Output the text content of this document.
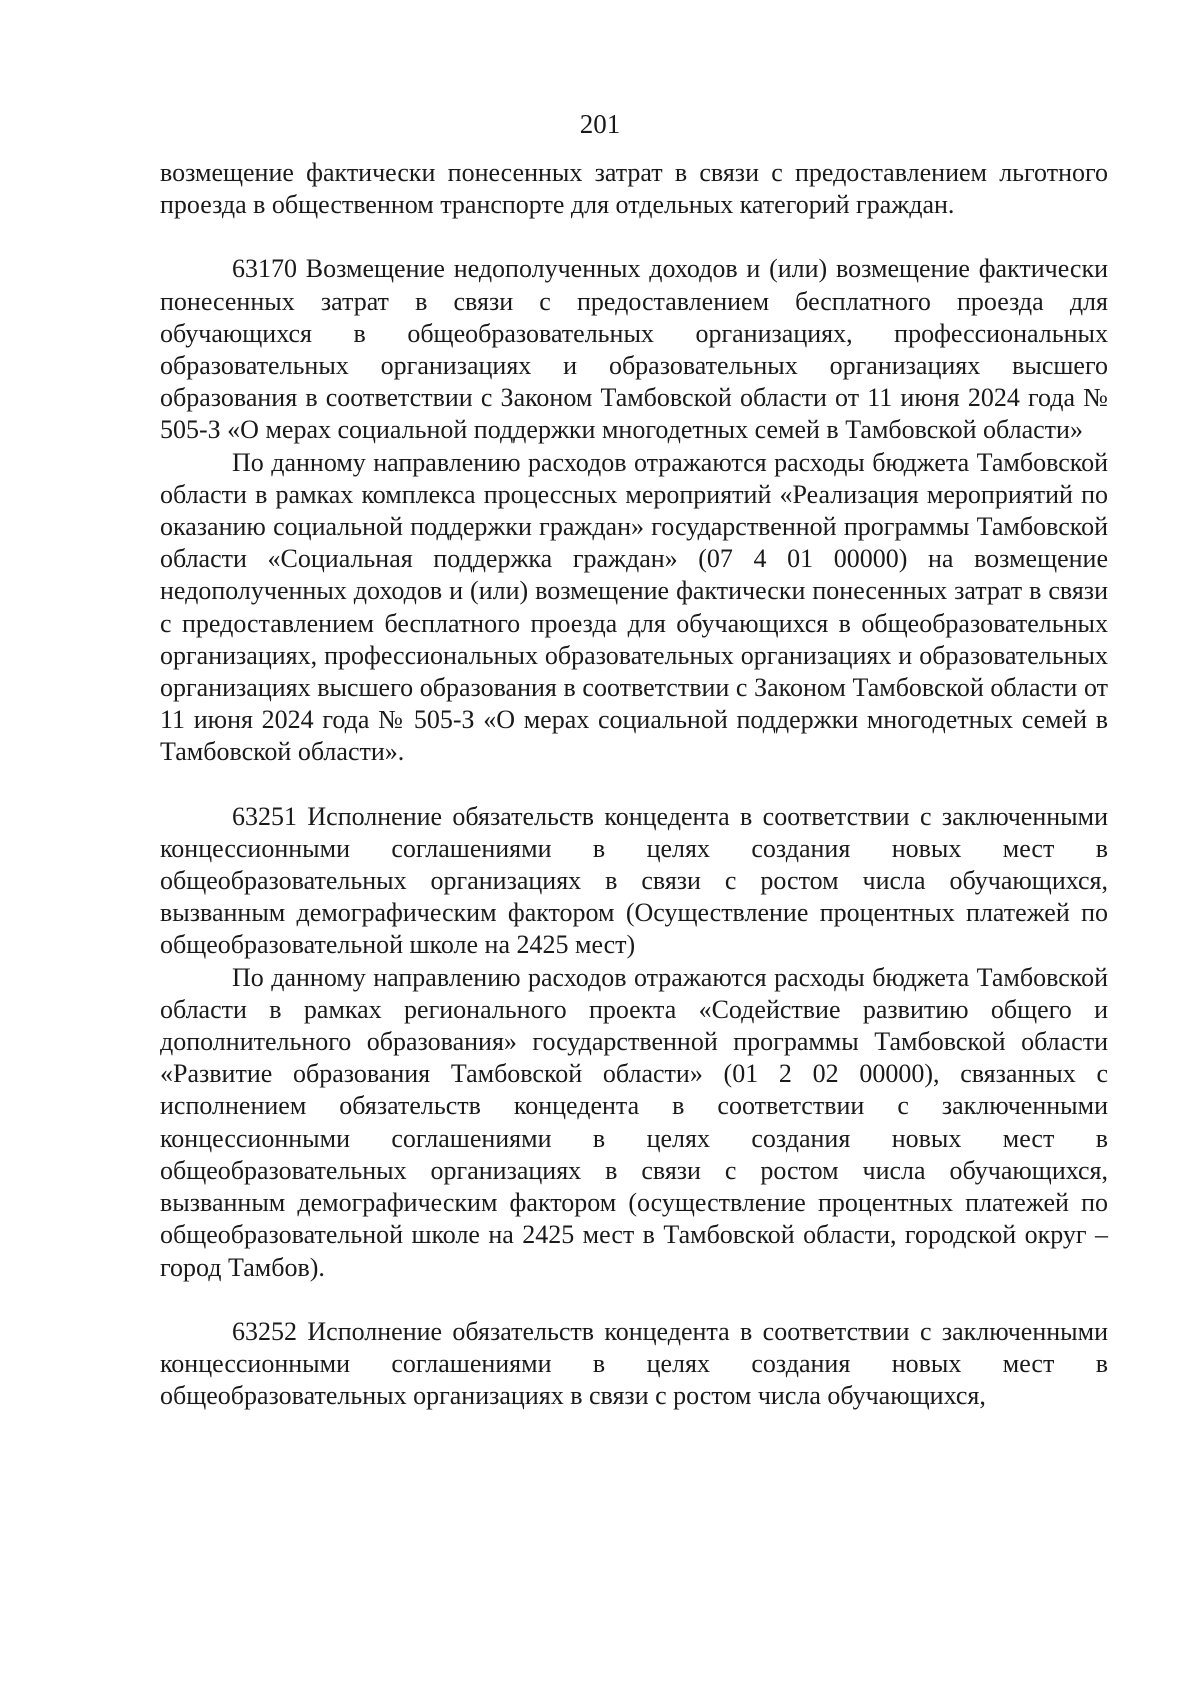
201

возмещение фактически понесенных затрат в связи с предоставлением льготного проезда в общественном транспорте для отдельных категорий граждан.

63170 Возмещение недополученных доходов и (или) возмещение фактически понесенных затрат в связи с предоставлением бесплатного проезда для обучающихся в общеобразовательных организациях, профессиональных образовательных организациях и образовательных организациях высшего образования в соответствии с Законом Тамбовской области от 11 июня 2024 года № 505-З «О мерах социальной поддержки многодетных семей в Тамбовской области»

По данному направлению расходов отражаются расходы бюджета Тамбовской области в рамках комплекса процессных мероприятий «Реализация мероприятий по оказанию социальной поддержки граждан» государственной программы Тамбовской области «Социальная поддержка граждан» (07 4 01 00000) на возмещение недополученных доходов и (или) возмещение фактически понесенных затрат в связи с предоставлением бесплатного проезда для обучающихся в общеобразовательных организациях, профессиональных образовательных организациях и образовательных организациях высшего образования в соответствии с Законом Тамбовской области от 11 июня 2024 года № 505-З «О мерах социальной поддержки многодетных семей в Тамбовской области».

63251 Исполнение обязательств концедента в соответствии с заключенными концессионными соглашениями в целях создания новых мест в общеобразовательных организациях в связи с ростом числа обучающихся, вызванным демографическим фактором (Осуществление процентных платежей по общеобразовательной школе на 2425 мест)

По данному направлению расходов отражаются расходы бюджета Тамбовской области в рамках регионального проекта «Содействие развитию общего и дополнительного образования» государственной программы Тамбовской области «Развитие образования Тамбовской области» (01 2 02 00000), связанных с исполнением обязательств концедента в соответствии с заключенными концессионными соглашениями в целях создания новых мест в общеобразовательных организациях в связи с ростом числа обучающихся, вызванным демографическим фактором (осуществление процентных платежей по общеобразовательной школе на 2425 мест в Тамбовской области, городской округ – город Тамбов).

63252 Исполнение обязательств концедента в соответствии с заключенными концессионными соглашениями в целях создания новых мест в общеобразовательных организациях в связи с ростом числа обучающихся,
